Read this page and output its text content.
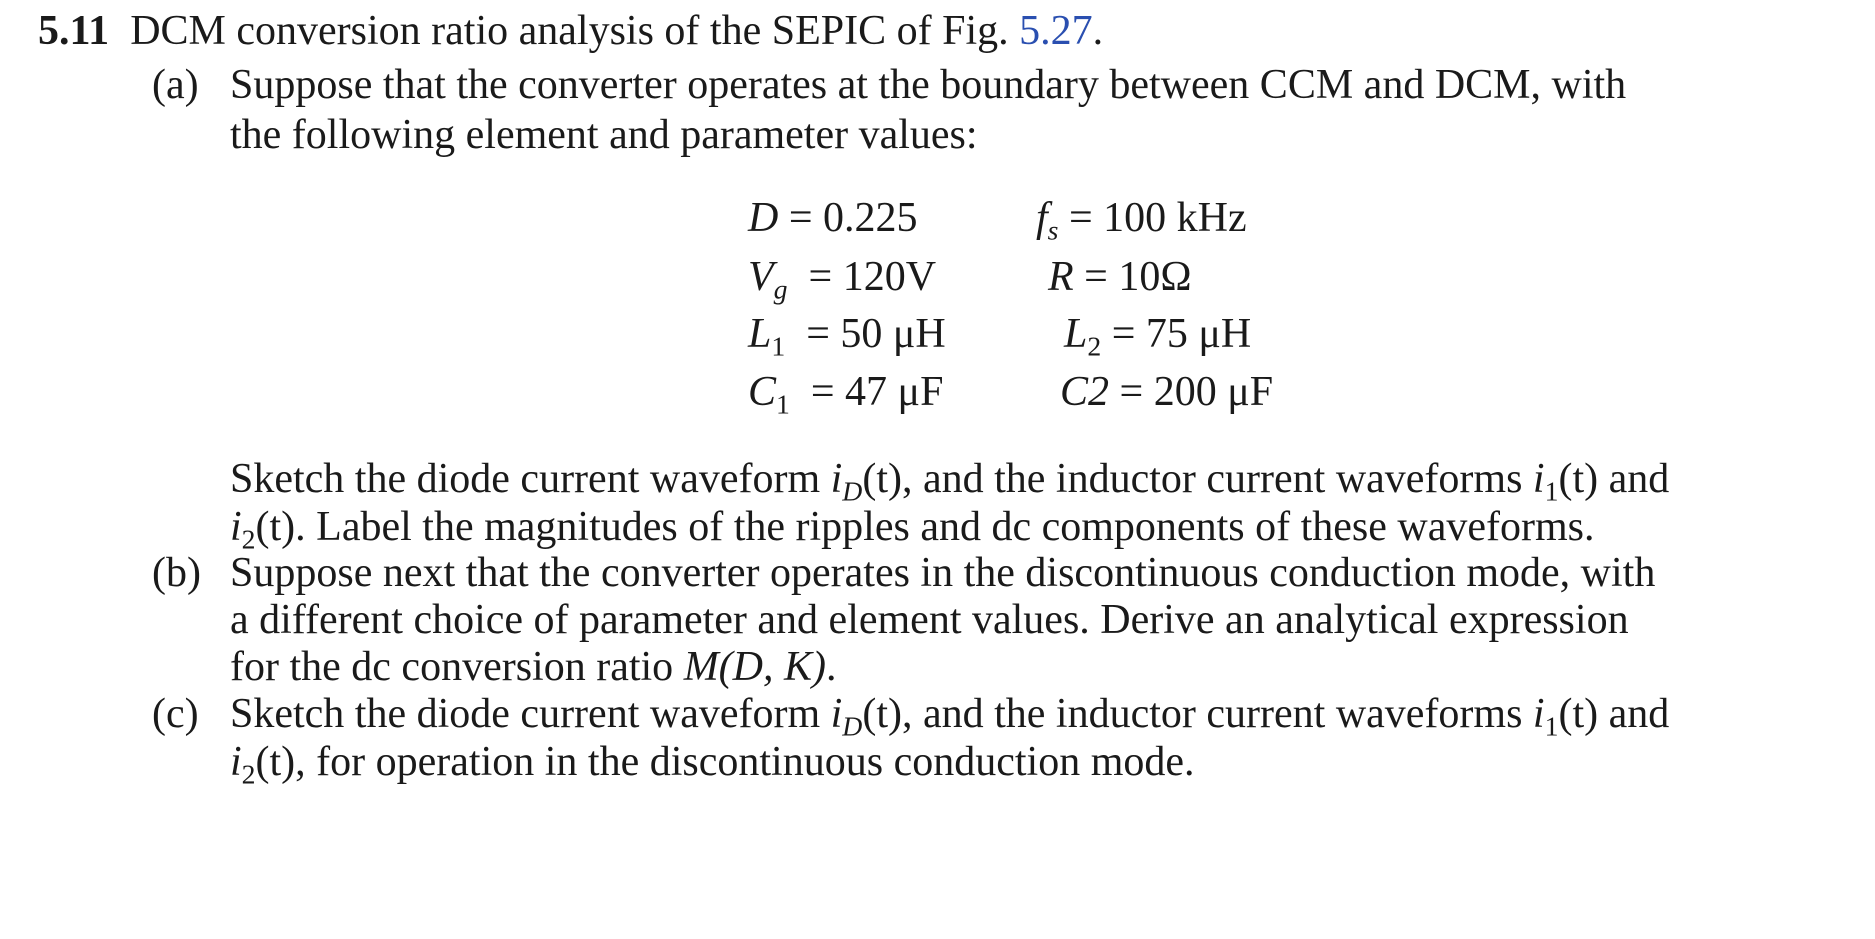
5.11 DCM conversion ratio analysis of the SEPIC of Fig. 5.27.
(a) Suppose that the converter operates at the boundary between CCM and DCM, with
the following element and parameter values:
D = 0.225
$V_g = 120V$
$L_1 = 50$ μH
$C_1 = 47$ μF
$f_s = 100$ kHz
R = 10Ω
$L_2 = 75$ μH
C2 = 200 μF
Sketch the diode current waveform $i_D(t)$, and the inductor current waveforms $i_1(t)$ and
$i_2(t)$. Label the magnitudes of the ripples and dc components of these waveforms.
(b) Suppose next that the converter operates in the discontinuous conduction mode, with
a different choice of parameter and element values. Derive an analytical expression
for the dc conversion ratio M(D, K).
(c) Sketch the diode current waveform $i_D(t)$, and the inductor current waveforms $i_1(t)$ and
$i_2(t)$, for operation in the discontinuous conduction mode.
